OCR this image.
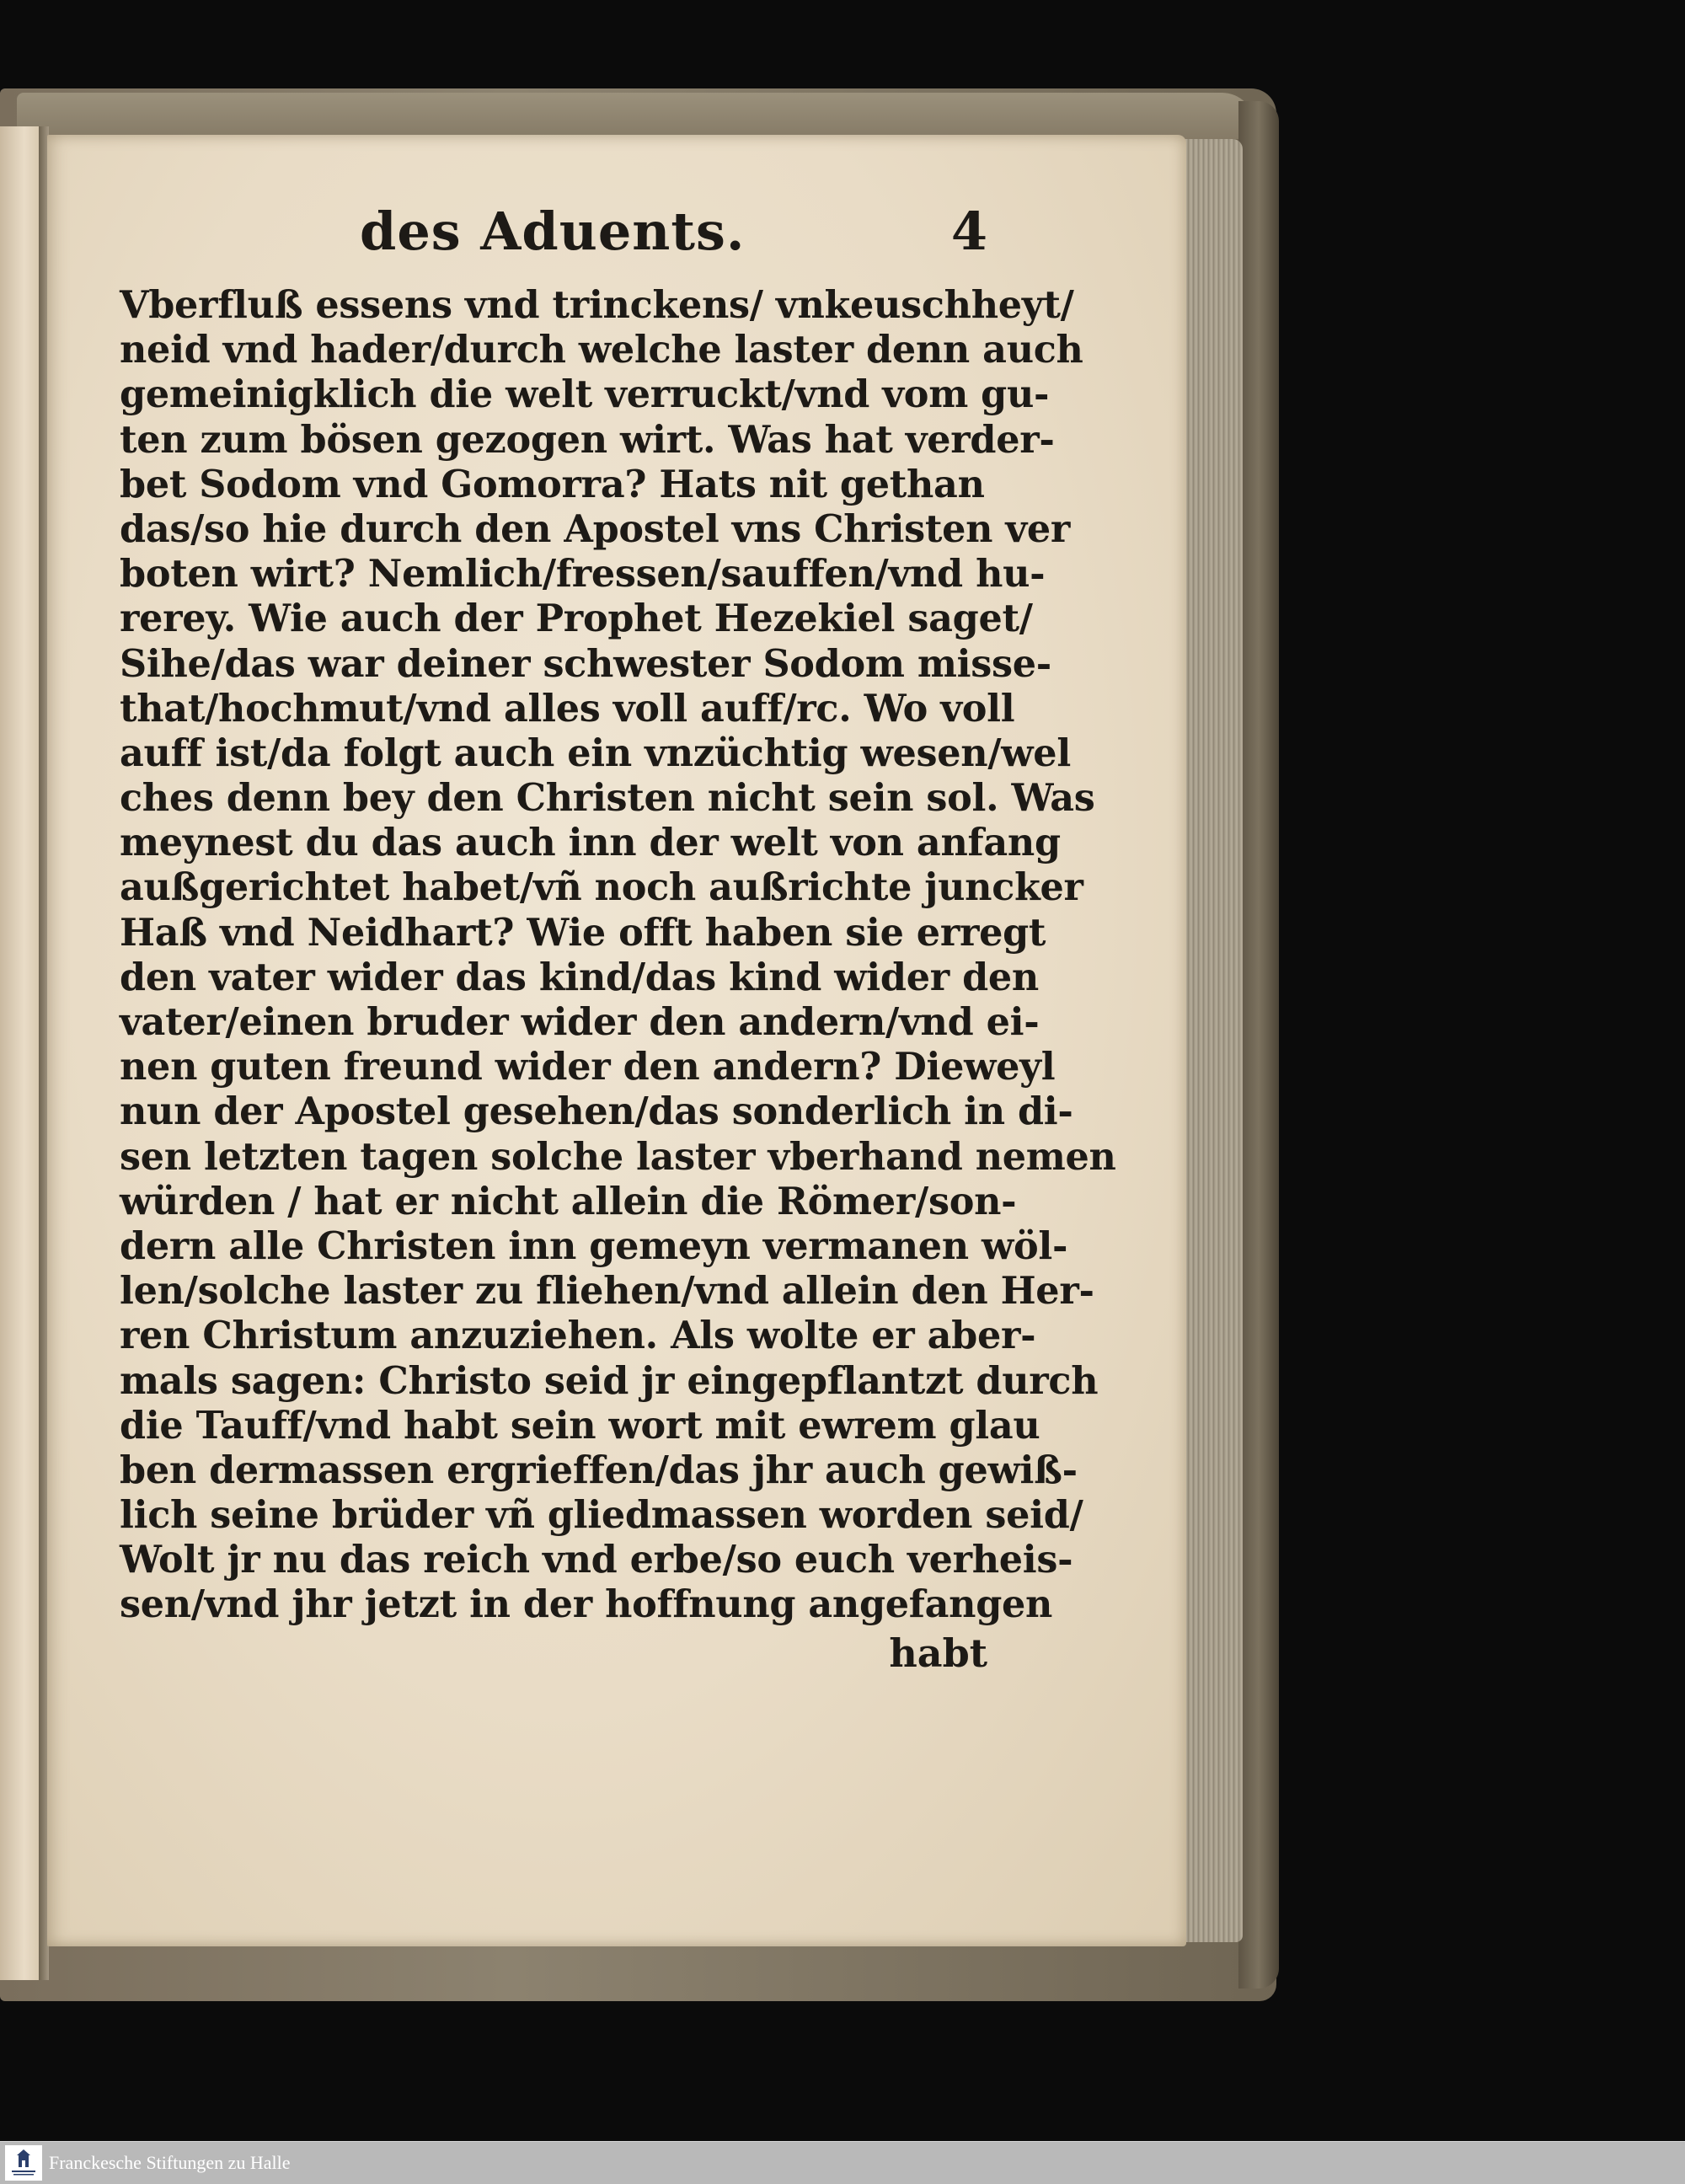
des Aduents.	4
Vberfluß essens vnd trinckens/ vnkeuschheyt/
neid vnd hader/durch welche laster denn auch
gemeinigklich die welt verruckt/vnd vom gu-
ten zum bösen gezogen wirt. Was hat verder-
bet Sodom vnd Gomorra? Hats nit gethan
das/so hie durch den Apostel vns Christen ver
boten wirt? Nemlich/fressen/sauffen/vnd hu-
rerey. Wie auch der Prophet Hezekiel saget/
Sihe/das war deiner schwester Sodom misse-
that/hochmut/vnd alles voll auff/rc. Wo voll
auff ist/da folgt auch ein vnzüchtig wesen/wel
ches denn bey den Christen nicht sein sol. Was
meynest du das auch inn der welt von anfang
außgerichtet habet/vñ noch außrichte juncker
Haß vnd Neidhart? Wie offt haben sie erregt
den vater wider das kind/das kind wider den
vater/einen bruder wider den andern/vnd ei-
nen guten freund wider den andern? Dieweyl
nun der Apostel gesehen/das sonderlich in di-
sen letzten tagen solche laster vberhand nemen
würden / hat er nicht allein die Römer/son-
dern alle Christen inn gemeyn vermanen wöl-
len/solche laster zu fliehen/vnd allein den Her-
ren Christum anzuziehen. Als wolte er aber-
mals sagen: Christo seid jr eingepflantzt durch
die Tauff/vnd habt sein wort mit ewrem glau
ben dermassen ergrieffen/das jhr auch gewiß-
lich seine brüder vñ gliedmassen worden seid/
Wolt jr nu das reich vnd erbe/so euch verheis-
sen/vnd jhr jetzt in der hoffnung angefangen
habt
Franckesche Stiftungen zu Halle
